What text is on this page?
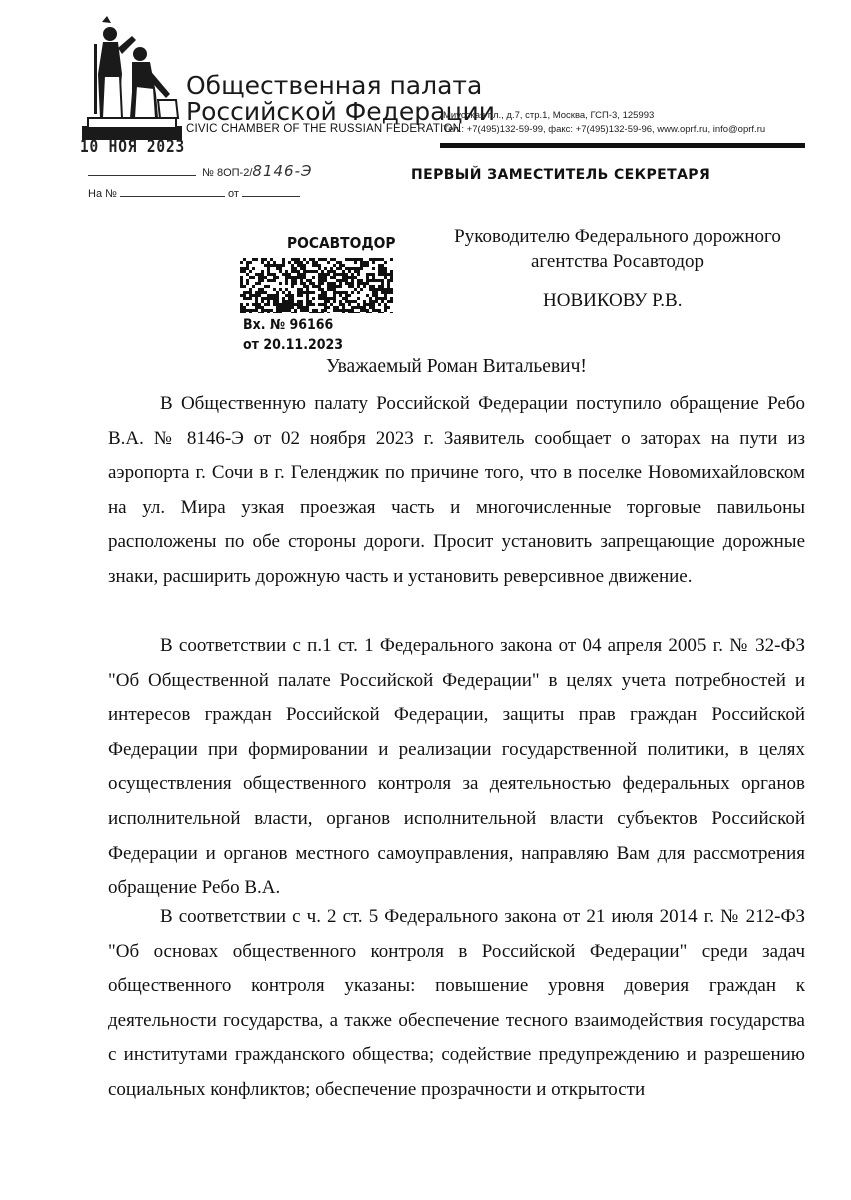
Общественная палата
Российской Федерации
CIVIC CHAMBER OF THE RUSSIAN FEDERATION
Миусская пл., д.7, стр.1, Москва, ГСП-3, 125993
Тел.: +7(495)132-59-99, факс: +7(495)132-59-96, www.oprf.ru, info@oprf.ru
10 НОЯ 2023
№ 8ОП-2/8146-Э
На №	от
ПЕРВЫЙ ЗАМЕСТИТЕЛЬ СЕКРЕТАРЯ
РОСАВТОДОР
Вх. № 96166
от 20.11.2023
Руководителю Федерального дорожного агентства Росавтодор
НОВИКОВУ Р.В.
Уважаемый Роман Витальевич!

В Общественную палату Российской Федерации поступило обращение Ребо В.А. № 8146-Э от 02 ноября 2023 г. Заявитель сообщает о заторах на пути из аэропорта г. Сочи в г. Геленджик по причине того, что в поселке Новомихайловском на ул. Мира узкая проезжая часть и многочисленные торговые павильоны расположены по обе стороны дороги. Просит установить запрещающие дорожные знаки, расширить дорожную часть и установить реверсивное движение.

В соответствии с п.1 ст. 1 Федерального закона от 04 апреля 2005 г. № 32-ФЗ "Об Общественной палате Российской Федерации" в целях учета потребностей и интересов граждан Российской Федерации, защиты прав граждан Российской Федерации при формировании и реализации государственной политики, в целях осуществления общественного контроля за деятельностью федеральных органов исполнительной власти, органов исполнительной власти субъектов Российской Федерации и органов местного самоуправления, направляю Вам для рассмотрения обращение Ребо В.А.

В соответствии с ч. 2 ст. 5 Федерального закона от 21 июля 2014 г. № 212-ФЗ "Об основах общественного контроля в Российской Федерации" среди задач общественного контроля указаны: повышение уровня доверия граждан к деятельности государства, а также обеспечение тесного взаимодействия государства с институтами гражданского общества; содействие предупреждению и разрешению социальных конфликтов; обеспечение прозрачности и открытости
